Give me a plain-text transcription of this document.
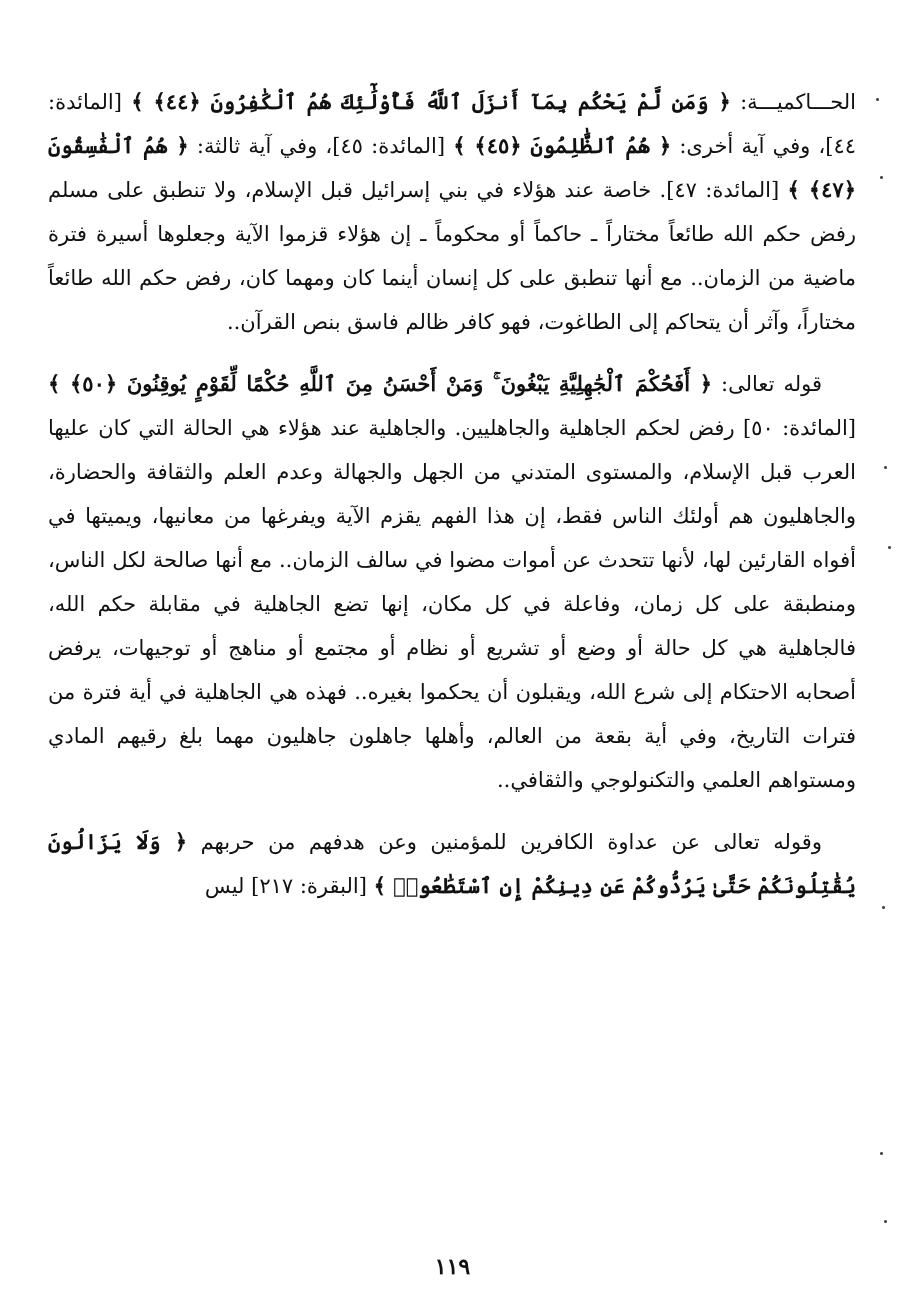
الحـــاكميـــة: ﴿ وَمَن لَّمْ يَحْكُم بِمَآ أَنزَلَ ٱللَّهُ فَأُوْلَٰٓئِكَ هُمُ ٱلْكَٰفِرُونَ ﴿٤٤﴾ ﴾ [المائدة: ٤٤]، وفي آية أخرى: ﴿ هُمُ ٱلظَّٰلِمُونَ ﴿٤٥﴾ ﴾ [المائدة: ٤٥]، وفي آية ثالثة: ﴿ هُمُ ٱلْفَٰسِقُونَ ﴿٤٧﴾ ﴾ [المائدة: ٤٧]. خاصة عند هؤلاء في بني إسرائيل قبل الإسلام، ولا تنطبق على مسلم رفض حكم الله طائعاً مختاراً ـ حاكماً أو محكوماً ـ إن هؤلاء قزموا الآية وجعلوها أسيرة فترة ماضية من الزمان.. مع أنها تنطبق على كل إنسان أينما كان ومهما كان، رفض حكم الله طائعاً مختاراً، وآثر أن يتحاكم إلى الطاغوت، فهو كافر ظالم فاسق بنص القرآن..

قوله تعالى: ﴿ أَفَحُكْمَ ٱلْجَٰهِلِيَّةِ يَبْغُونَ ۚ وَمَنْ أَحْسَنُ مِنَ ٱللَّهِ حُكْمًا لِّقَوْمٍ يُوقِنُونَ ﴿٥٠﴾ ﴾ [المائدة: ٥٠] رفض لحكم الجاهلية والجاهليين. والجاهلية عند هؤلاء هي الحالة التي كان عليها العرب قبل الإسلام، والمستوى المتدني من الجهل والجهالة وعدم العلم والثقافة والحضارة، والجاهليون هم أولئك الناس فقط، إن هذا الفهم يقزم الآية ويفرغها من معانيها، ويميتها في أفواه القارئين لها، لأنها تتحدث عن أموات مضوا في سالف الزمان.. مع أنها صالحة لكل الناس، ومنطبقة على كل زمان، وفاعلة في كل مكان، إنها تضع الجاهلية في مقابلة حكم الله، فالجاهلية هي كل حالة أو وضع أو تشريع أو نظام أو مجتمع أو مناهج أو توجيهات، يرفض أصحابه الاحتكام إلى شرع الله، ويقبلون أن يحكموا بغيره.. فهذه هي الجاهلية في أية فترة من فترات التاريخ، وفي أية بقعة من العالم، وأهلها جاهلون جاهليون مهما بلغ رقيهم المادي ومستواهم العلمي والتكنولوجي والثقافي..

وقوله تعالى عن عداوة الكافرين للمؤمنين وعن هدفهم من حربهم ﴿ وَلَا يَزَالُونَ يُقَٰتِلُونَكُمْ حَتَّىٰ يَرُدُّوكُمْ عَن دِينِكُمْ إِنِ ٱسْتَطَٰعُوا۟ ﴾ [البقرة: ٢١٧] ليس

١١٩
